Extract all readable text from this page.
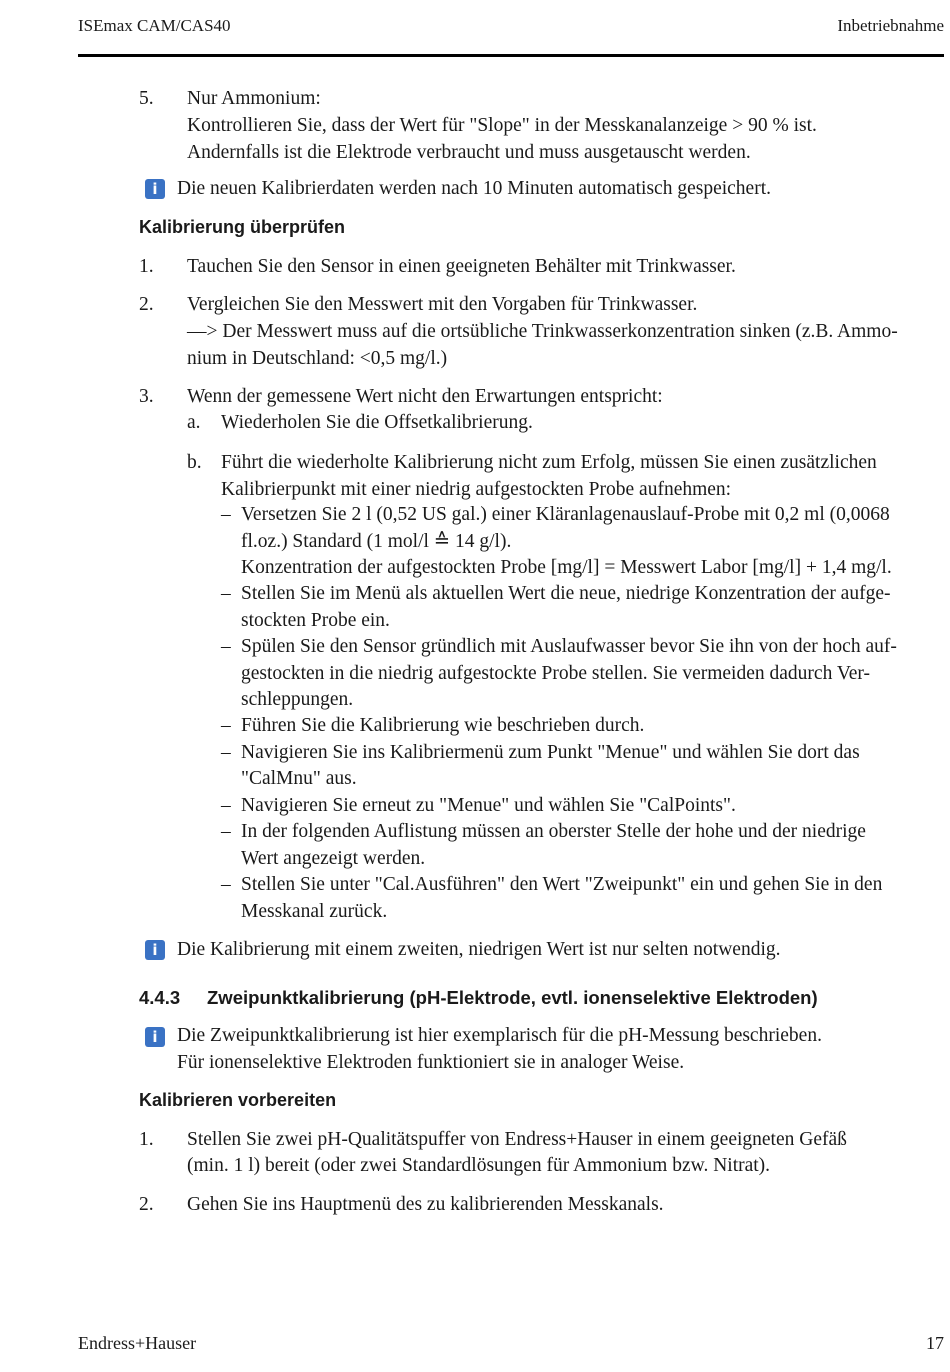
ISEmax CAM/CAS40	Inbetriebnahme
5. Nur Ammonium:
Kontrollieren Sie, dass der Wert für "Slope" in der Messkanalanzeige > 90 % ist.
Andernfalls ist die Elektrode verbraucht und muss ausgetauscht werden.
i Die neuen Kalibrierdaten werden nach 10 Minuten automatisch gespeichert.
Kalibrierung überprüfen
1. Tauchen Sie den Sensor in einen geeigneten Behälter mit Trinkwasser.
2. Vergleichen Sie den Messwert mit den Vorgaben für Trinkwasser.
—> Der Messwert muss auf die ortsübliche Trinkwasserkonzentration sinken (z.B. Ammo-
nium in Deutschland: <0,5 mg/l.)
3. Wenn der gemessene Wert nicht den Erwartungen entspricht:
a. Wiederholen Sie die Offsetkalibrierung.
b. Führt die wiederholte Kalibrierung nicht zum Erfolg, müssen Sie einen zusätzlichen
Kalibrierpunkt mit einer niedrig aufgestockten Probe aufnehmen:
– Versetzen Sie 2 l (0,52 US gal.) einer Kläranlagenauslauf-Probe mit 0,2 ml (0,0068
fl.oz.) Standard (1 mol/l ≙ 14 g/l).
Konzentration der aufgestockten Probe [mg/l] = Messwert Labor [mg/l] + 1,4 mg/l.
– Stellen Sie im Menü als aktuellen Wert die neue, niedrige Konzentration der aufge-
stockten Probe ein.
– Spülen Sie den Sensor gründlich mit Auslaufwasser bevor Sie ihn von der hoch auf-
gestockten in die niedrig aufgestockte Probe stellen. Sie vermeiden dadurch Ver-
schleppungen.
– Führen Sie die Kalibrierung wie beschrieben durch.
– Navigieren Sie ins Kalibriermenü zum Punkt "Menue" und wählen Sie dort das
"CalMnu" aus.
– Navigieren Sie erneut zu "Menue" und wählen Sie "CalPoints".
– In der folgenden Auflistung müssen an oberster Stelle der hohe und der niedrige
Wert angezeigt werden.
– Stellen Sie unter "Cal.Ausführen" den Wert "Zweipunkt" ein und gehen Sie in den
Messkanal zurück.
i Die Kalibrierung mit einem zweiten, niedrigen Wert ist nur selten notwendig.
4.4.3 Zweipunktkalibrierung (pH-Elektrode, evtl. ionenselektive Elektroden)
i Die Zweipunktkalibrierung ist hier exemplarisch für die pH-Messung beschrieben.
Für ionenselektive Elektroden funktioniert sie in analoger Weise.
Kalibrieren vorbereiten
1. Stellen Sie zwei pH-Qualitätspuffer von Endress+Hauser in einem geeigneten Gefäß
(min. 1 l) bereit (oder zwei Standardlösungen für Ammonium bzw. Nitrat).
2. Gehen Sie ins Hauptmenü des zu kalibrierenden Messkanals.
Endress+Hauser	17
